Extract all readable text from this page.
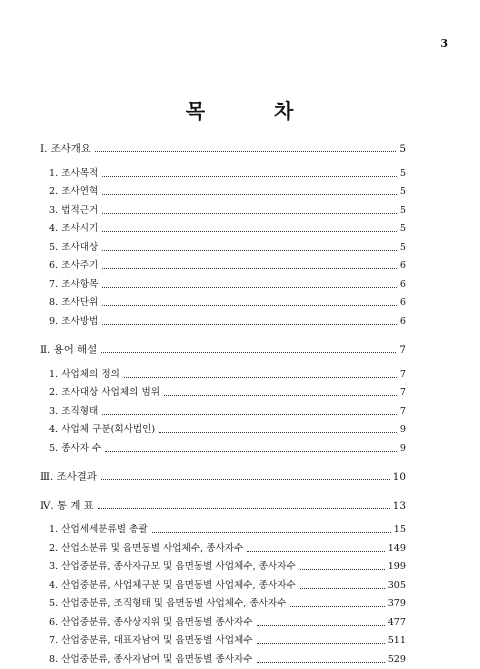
3
목 차
Ⅰ. 조사개요	5
1. 조사목적	5
2. 조사연혁	5
3. 법적근거	5
4. 조사시기	5
5. 조사대상	5
6. 조사주기	6
7. 조사항목	6
8. 조사단위	6
9. 조사방법	6
Ⅱ. 용어 해설	7
1. 사업체의 정의	7
2. 조사대상 사업체의 범위	7
3. 조직형태	7
4. 사업체 구분(회사법인)	9
5. 종사자 수	9
Ⅲ. 조사결과	10
Ⅳ. 통 계 표	13
1. 산업세세분류별 총괄	15
2. 산업소분류 및 읍면동별 사업체수, 종사자수	149
3. 산업중분류, 종사자규모 및 읍면동별 사업체수, 종사자수	199
4. 산업중분류, 사업체구분 및 읍면동별 사업체수, 종사자수	305
5. 산업중분류, 조직형태 및 읍면동별 사업체수, 종사자수	379
6. 산업중분류, 종사상지위 및 읍면동별 종사자수	477
7. 산업중분류, 대표자남여 및 읍면동별 사업체수	511
8. 산업중분류, 종사자남여 및 읍면동별 종사자수	529
